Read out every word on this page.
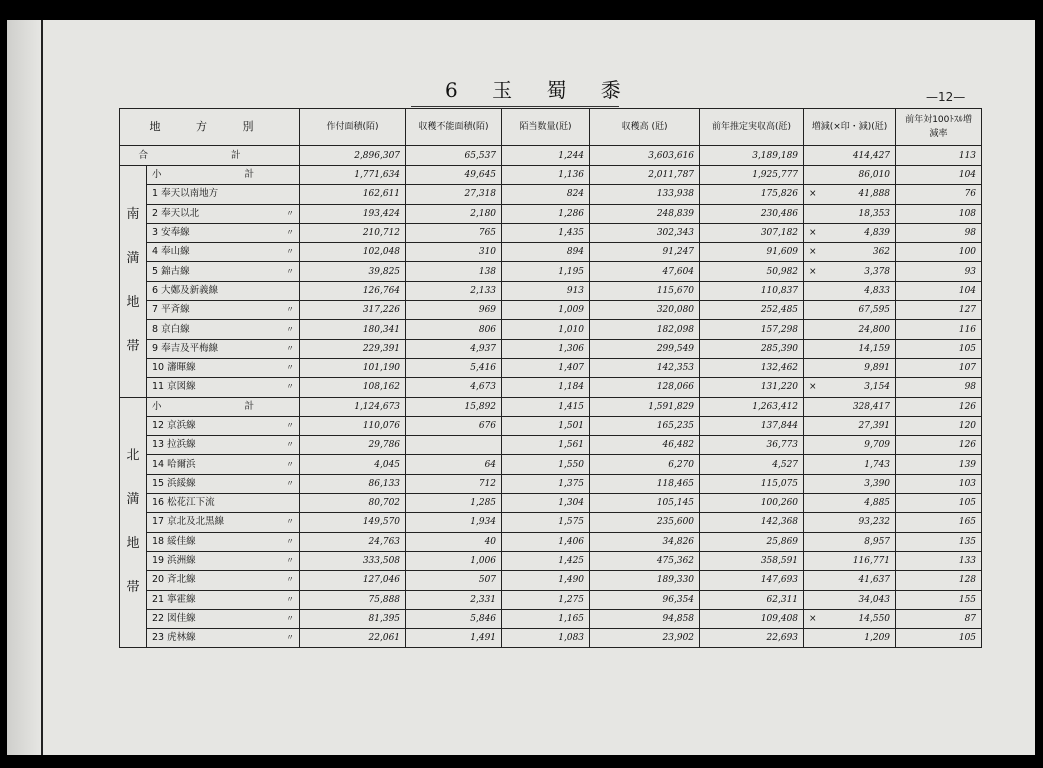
6 玉 蜀 黍	—12—
地 方 別		作付面積(陌)	収穫不能面積(陌)	陌当数量(瓩)	収穫高 (瓩)	前年推定実収高(瓩)	増減(×印・減)(瓩)	前年対100ﾄｽﾙ増減率
合 計		2,896,307	65,537	1,244	3,603,616	3,189,189	414,427	113

南
満
地
帯	小 計	1,771,634	49,645	1,136	2,011,787	1,925,777	86,010	104
	1 奉天以南地方	162,611	27,318	824	133,938	175,826	× 41,888	76
	2 奉天以北 〃	193,424	2,180	1,286	248,839	230,486	18,353	108
	3 安奉線 〃	210,712	765	1,435	302,343	307,182	× 4,839	98
	4 奉山線 〃	102,048	310	894	91,247	91,609	× 362	100
	5 錦古線 〃	39,825	138	1,195	47,604	50,982	× 3,378	93
	6 大鄭及新義線	126,764	2,133	913	115,670	110,837	4,833	104
	7 平斉線 〃	317,226	969	1,009	320,080	252,485	67,595	127
	8 京白線 〃	180,341	806	1,010	182,098	157,298	24,800	116
	9 奉吉及平梅線 〃	229,391	4,937	1,306	299,549	285,390	14,159	105
	10 瀋暉線 〃	101,190	5,416	1,407	142,353	132,462	9,891	107
	11 京図線 〃	108,162	4,673	1,184	128,066	131,220	× 3,154	98

北
満
地
帯	小 計	1,124,673	15,892	1,415	1,591,829	1,263,412	328,417	126
	12 京浜線 〃	110,076	676	1,501	165,235	137,844	27,391	120
	13 拉浜線 〃	29,786		1,561	46,482	36,773	9,709	126
	14 哈爾浜 〃	4,045	64	1,550	6,270	4,527	1,743	139
	15 浜綏線 〃	86,133	712	1,375	118,465	115,075	3,390	103
	16 松花江下流	80,702	1,285	1,304	105,145	100,260	4,885	105
	17 京北及北黒線 〃	149,570	1,934	1,575	235,600	142,368	93,232	165
	18 綏佳線 〃	24,763	40	1,406	34,826	25,869	8,957	135
	19 浜洲線 〃	333,508	1,006	1,425	475,362	358,591	116,771	133
	20 斉北線 〃	127,046	507	1,490	189,330	147,693	41,637	128
	21 寧霍線 〃	75,888	2,331	1,275	96,354	62,311	34,043	155
	22 図佳線 〃	81,395	5,846	1,165	94,858	109,408	× 14,550	87
	23 虎林線 〃	22,061	1,491	1,083	23,902	22,693	1,209	105
